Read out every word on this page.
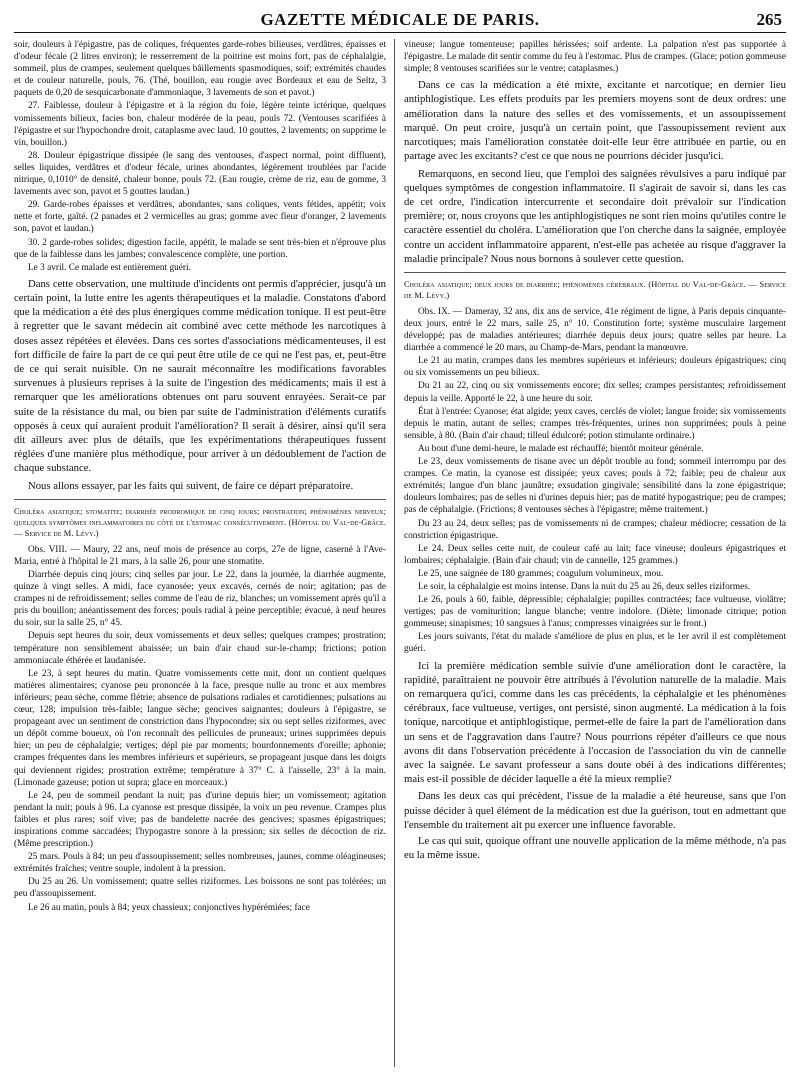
GAZETTE MÉDICALE DE PARIS.	265

soir, douleurs à l'épigastre, pas de coliques, fréquentes garde-robes bilieuses, verdâtres, épaisses et d'odeur fécale (2 litres environ); le resserrement de la poitrine est moins fort, pas de céphalalgie, sommeil, plus de crampes, seulement quelques bâillements spasmodiques, soif; extrémités chaudes et de couleur naturelle, pouls, 76. (Thé, bouillon, eau rougie avec Bordeaux et eau de Seltz, 3 paquets de 0,20 de sesquicarbonate d'ammoniaque, 3 lavements de son et pavot.)

27. Faiblesse, douleur à l'épigastre et à la région du foie, légère teinte ictérique, quelques vomissements bilieux, facies bon, chaleur modérée de la peau, pouls 72. (Ventouses scarifiées à l'épigastre et sur l'hypochondre droit, cataplasme avec laud. 10 gouttes, 2 lavements; on supprime le vin, bouillon.)

28. Douleur épigastrique dissipée (le sang des ventouses, d'aspect normal, point diffluent), selles liquides, verdâtres et d'odeur fécale, urines abondantes, légèrement troublées par l'acide nitrique, 0,1010° de densité, chaleur bonne, pouls 72. (Eau rougie, crème de riz, eau de gomme, 3 lavements avec son, pavot et 5 gouttes laudan.)

29. Garde-robes épaisses et verdâtres, abondantes, sans coliques, vents fétides, appétit; voix nette et forte, gaîté. (2 panades et 2 vermicelles au gras; gomme avec fleur d'oranger, 2 lavements son, pavot et laudan.)

30. 2 garde-robes solides; digestion facile, appétit, le malade se sent très-bien et n'éprouve plus que de la faiblesse dans les jambes; convalescence complète, une portion.

Le 3 avril. Ce malade est entièrement guéri.

Dans cette observation, une multitude d'incidents ont permis d'apprécier, jusqu'à un certain point, la lutte entre les agents thérapeutiques et la maladie. Constatons d'abord que la médication a été des plus énergiques comme médication tonique. Il est peut-être à regretter que le savant médecin ait combiné avec cette méthode les narcotiques à doses assez répétées et élevées. Dans ces sortes d'associations médicamenteuses, il est fort difficile de faire la part de ce qui peut être utile de ce qui ne l'est pas, et, peut-être de ce qui serait nuisible. On ne saurait méconnaître les modifications favorables survenues à plusieurs reprises à la suite de l'ingestion des médicaments; mais il est à remarquer que les améliorations obtenues ont paru souvent enrayées. Serait-ce par suite de la résistance du mal, ou bien par suite de l'administration d'éléments curatifs opposés à ceux qui auraient produit l'amélioration? Il serait à désirer, ainsi qu'il sera dit ailleurs avec plus de détails, que les expérimentations thérapeutiques fussent réglées d'une manière plus méthodique, pour arriver à un dédoublement de l'action de chaque substance.

Nous allons essayer, par les faits qui suivent, de faire ce départ préparatoire.

Choléra asiatique; stomatite; diarrhée prodromique de cinq jours; prostration; phénomènes nerveux; quelques symptômes inflammatoires du côté de l'estomac consécutivement. (Hôpital du Val-de-Grâce. — Service de M. Lévy.)

Obs. VIII. — Maury, 22 ans, neuf mois de présence au corps, 27e de ligne, caserné à l'Ave-Maria, entré à l'hôpital le 21 mars, à la salle 26, pour une stomatite.

Diarrhée depuis cinq jours; cinq selles par jour. Le 22, dans la journée, la diarrhée augmente, quinze à vingt selles. A midi, face cyanosée; yeux excavés, cernés de noir; agitation; pas de crampes ni de refroidissement; selles comme de l'eau de riz, blanches; un vomissement après qu'il a pris du bouillon; anéantissement des forces; pouls radial à peine perceptible; évacué, à neuf heures du soir, sur la salle 25, n° 45.

Depuis sept heures du soir, deux vomissements et deux selles; quelques crampes; prostration; température non sensiblement abaissée; un bain d'air chaud sur-le-champ; frictions; potion ammoniacale éthérée et laudanisée.

Le 23, à sept heures du matin. Quatre vomissements cette nuit, dont un contient quelques matières alimentaires; cyanose peu prononcée à la face, presque nulle au tronc et aux membres inférieurs; peau sèche, comme flétrie; absence de pulsations radiales et carotidiennes; pulsations au cœur, 128; impulsion très-faible; langue sèche; gencives saignantes; douleurs à l'épigastre, se propageant avec un sentiment de constriction dans l'hypocondre; six ou sept selles riziformes, avec un dépôt comme boueux, où l'on reconnaît des pellicules de pruneaux; urines supprimées depuis hier; un peu de céphalalgie; vertiges; dépl pie par moments; bourdonnements d'oreille; aphonie; crampes fréquentes dans les membres inférieurs et supérieurs, se propageant jusque dans les doigts qui deviennent rigides; prostration extrême; température à 37° C. à l'aisselle, 23° à la main. (Limonade gazeuse; potion ut supra; glace en morceaux.)

Le 24, peu de sommeil pendant la nuit; pas d'urine depuis hier; un vomissement; agitation pendant la nuit; pouls à 96. La cyanose est presque dissipée, la voix un peu revenue. Crampes plus faibles et plus rares; soif vive; pas de bandelette nacrée des gencives; spasmes épigastriques; inspirations comme saccadées; l'hypogastre sonore à la pression; six selles de décoction de riz. (Même prescription.)

25 mars. Pouls à 84; un peu d'assoupissement; selles nombreuses, jaunes, comme oléagineuses; extrémités fraîches; ventre souple, indolent à la pression.

Du 25 au 26. Un vomissement; quatre selles riziformes. Les boissons ne sont pas tolérées; un peu d'assoupissement.

Le 26 au matin, pouls à 84; yeux chassieux; conjonctives hypérémiées; face

vineuse; langue tomenteuse; papilles hérissées; soif ardente. La palpation n'est pas supportée à l'épigastre. Le malade dit sentir comme du feu à l'estomac. Plus de crampes. (Glace; potion gommeuse simple; 8 ventouses scarifiées sur le ventre; cataplasmes.)

Dans ce cas la médication a été mixte, excitante et narcotique; en dernier lieu antiphlogistique. Les effets produits par les premiers moyens sont de deux ordres: une amélioration dans la nature des selles et des vomissements, et un assoupissement marqué. On peut croire, jusqu'à un certain point, que l'assoupissement revient aux narcotiques; mais l'amélioration constatée doit-elle leur être attribuée en partie, ou en partage avec les excitants? c'est ce que nous ne pourrions décider jusqu'ici.

Remarquons, en second lieu, que l'emploi des saignées révulsives a paru indiqué par quelques symptômes de congestion inflammatoire. Il s'agirait de savoir si, dans les cas de cet ordre, l'indication intercurrente et secondaire doit prévaloir sur l'indication première; or, nous croyons que les antiphlogistiques ne sont rien moins qu'utiles contre le caractère essentiel du choléra. L'amélioration que l'on cherche dans la saignée, employée contre un accident inflammatoire apparent, n'est-elle pas achetée au risque d'aggraver la maladie principale? Nous nous bornons à soulever cette question.

Choléra asiatique; deux jours de diarrhée; phénomènes cérébraux. (Hôpital du Val-de-Grâce. — Service de M. Lévy.)

Obs. IX. — Dameray, 32 ans, dix ans de service, 41e régiment de ligne, à Paris depuis cinquante-deux jours, entré le 22 mars, salle 25, n° 10. Constitution forte; système musculaire largement développé; pas de maladies antérieures; diarrhée depuis deux jours; quatre selles par heure. La diarrhée a commencé le 20 mars, au Champ-de-Mars, pendant la manœuvre.

Le 21 au matin, crampes dans les membres supérieurs et inférieurs; douleurs épigastriques; cinq ou six vomissements un peu bilieux.

Du 21 au 22, cinq ou six vomissements encore; dix selles; crampes persistantes; refroidissement depuis la veille. Apporté le 22, à une heure du soir.

État à l'entrée: Cyanose; état algide; yeux caves, cerclés de violet; langue froide; six vomissements depuis le matin, autant de selles; crampes très-fréquentes, urines non supprimées; pouls à peine sensible, à 80. (Bain d'air chaud; tilleul édulcoré; potion stimulante ordinaire.)

Au bout d'une demi-heure, le malade est réchauffé; bientôt moiteur générale.

Le 23, deux vomissements de tisane avec un dépôt trouble au fond; sommeil interrompu par des crampes. Ce matin, la cyanose est dissipée; yeux caves; pouls à 72; faible; peu de chaleur aux extrémités; langue d'un blanc jaunâtre; exsudation gingivale; sensibilité dans la zone épigastrique; douleurs lombaires; pas de selles ni d'urines depuis hier; pas de matité hypogastrique; peu de crampes; pas de céphalalgie. (Frictions; 8 ventouses sèches à l'épigastre; même traitement.)

Du 23 au 24, deux selles; pas de vomissements ni de crampes; chaleur médiocre; cessation de la constriction épigastrique.

Le 24. Deux selles cette nuit, de couleur café au lait; face vineuse; douleurs épigastriques et lombaires; céphalalgie. (Bain d'air chaud; vin de cannelle, 125 grammes.)

Le 25, une saignée de 180 grammes; coagulum volumineux, mou.

Le soir, la céphalalgie est moins intense. Dans la nuit du 25 au 26, deux selles riziformes.

Le 26, pouls à 60, faible, dépressible; céphalalgie; pupilles contractées; face vultueuse, violâtre; vertiges; pas de vomiturition; langue blanche; ventre indolore. (Diète; limonade citrique; potion gommeuse; sinapismes; 10 sangsues à l'anus; compresses vinaigrées sur le front.)

Les jours suivants, l'état du malade s'améliore de plus en plus, et le 1er avril il est complètement guéri.

Ici la première médication semble suivie d'une amélioration dont le caractère, la rapidité, paraîtraient ne pouvoir être attribués à l'évolution naturelle de la maladie. Mais on remarquera qu'ici, comme dans les cas précédents, la céphalalgie et les phénomènes cérébraux, face vultueuse, vertiges, ont persisté, sinon augmenté. La médication à la fois tonique, narcotique et antiphlogistique, permet-elle de faire la part de l'amélioration dans un sens et de l'aggravation dans l'autre? Nous pourrions répéter d'ailleurs ce que nous avons dit dans l'observation précédente à l'occasion de l'association du vin de cannelle avec la saignée. Le savant professeur a sans doute obéi à des indications différentes; mais est-il possible de décider laquelle a été la mieux remplie?

Dans les deux cas qui précèdent, l'issue de la maladie a été heureuse, sans que l'on puisse décider à quel élément de la médication est due la guérison, tout en admettant que l'ensemble du traitement ait pu exercer une influence favorable.

Le cas qui suit, quoique offrant une nouvelle application de la même méthode, n'a pas eu la même issue.
